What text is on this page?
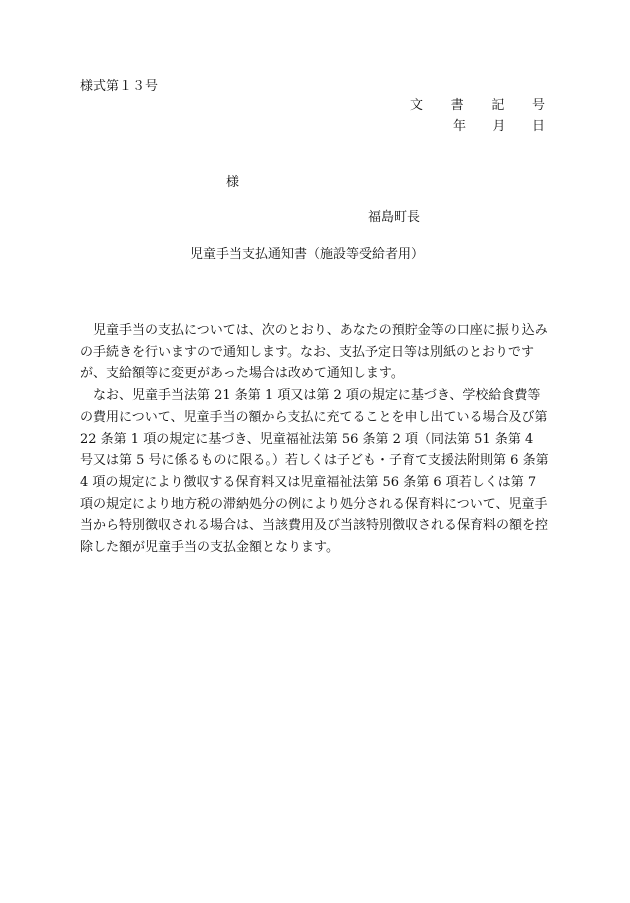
様式第１３号
文 書 記 号
年 月 日
様
福島町長
児童手当支払通知書（施設等受給者用）

児童手当の支払については、次のとおり、あなたの預貯金等の口座に振り込みの手続きを行いますので通知します。なお、支払予定日等は別紙のとおりですが、支給額等に変更があった場合は改めて通知します。

なお、児童手当法第 21 条第 1 項又は第 2 項の規定に基づき、学校給食費等の費用について、児童手当の額から支払に充てることを申し出ている場合及び第 22 条第 1 項の規定に基づき、児童福祉法第 56 条第 2 項（同法第 51 条第 4 号又は第 5 号に係るものに限る。）若しくは子ども・子育て支援法附則第 6 条第 4 項の規定により徴収する保育料又は児童福祉法第 56 条第 6 項若しくは第 7 項の規定により地方税の滞納処分の例により処分される保育料について、児童手当から特別徴収される場合は、当該費用及び当該特別徴収される保育料の額を控除した額が児童手当の支払金額となります。
